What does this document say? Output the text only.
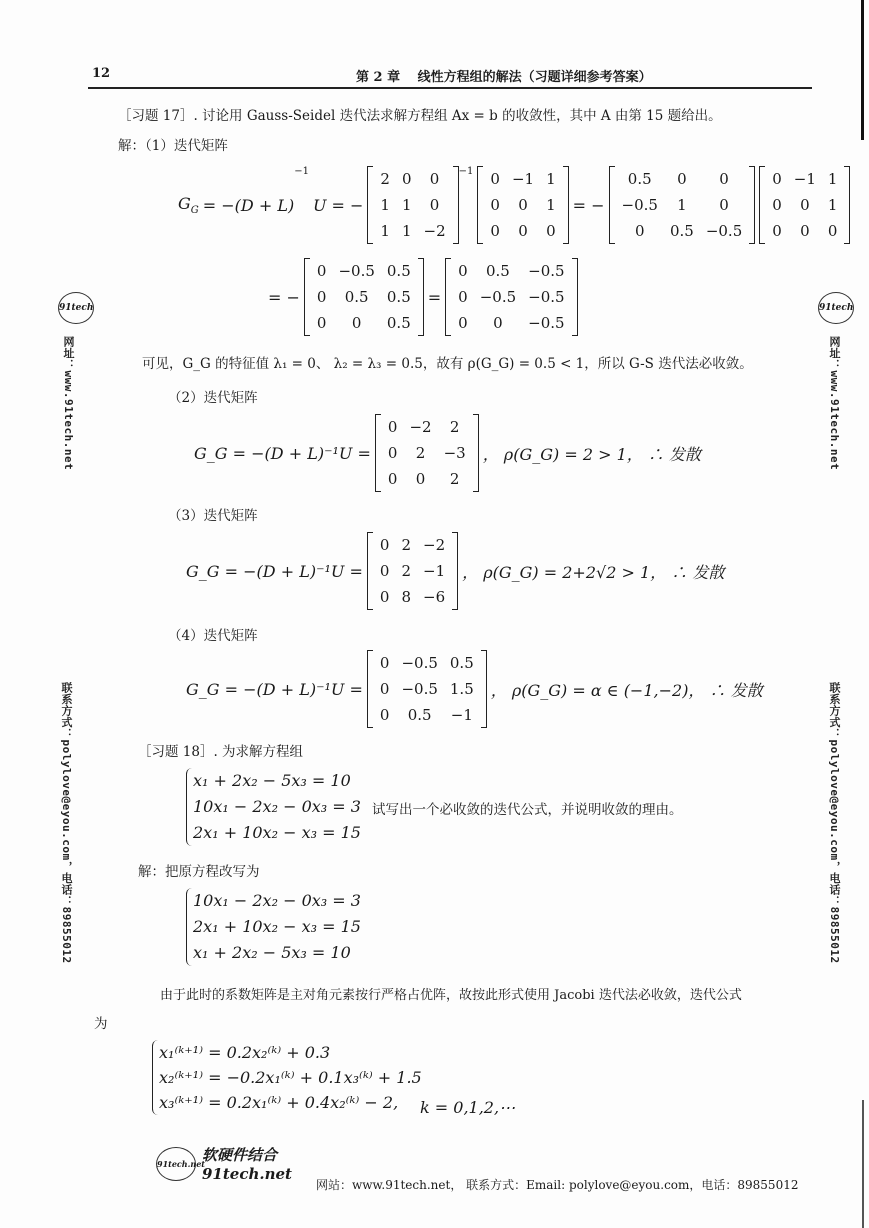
12	第 2 章　 线性方程组的解法（习题详细参考答案）
［习题 17］. 讨论用 Gauss-Seidel 迭代法求解方程组 Ax = b 的收敛性，其中 A 由第 15 题给出。
解：（1）迭代矩阵
$G_G = -(D + L)$
−1
U = −
2 0	0
1 1	0
1 1 −2
$^{-1}$	0 −1 1
0	0	1
0	0	0
= −
0.5	0	0
−0.5	1	0
0	0.5 −0.5
0 −1 1
0	0	1
0	0	0
= −
0 −0.5 0.5
0	0.5	0.5
0	0	0.5
=
0	0.5	−0.5
0 −0.5 −0.5
0	0	−0.5
可见，G_G 的特征值 λ₁ = 0、 λ₂ = λ₃ = 0.5，故有 ρ(G_G) = 0.5 < 1，所以 G-S 迭代法必收敛。
（2）迭代矩阵
G_G = −(D + L)⁻¹U =
0 −2	2
0	2	−3
0	0	2
， ρ(G_G) = 2 > 1， ∴ 发散
（3）迭代矩阵
G_G = −(D + L)⁻¹U =
0 2 −2
0 2 −1
0 8 −6
， ρ(G_G) = 2+2√2 > 1， ∴ 发散
（4）迭代矩阵
G_G = −(D + L)⁻¹U =
0 −0.5 0.5
0 −0.5 1.5
0	0.5	−1
， ρ(G_G) = α ∈ (−1,−2)， ∴ 发散
［习题 18］. 为求解方程组
x₁ + 2x₂ − 5x₃ = 10
10x₁ − 2x₂ − 0x₃ = 3
2x₁ + 10x₂ − x₃ = 15
试写出一个必收敛的迭代公式，并说明收敛的理由。
解：把原方程改写为
10x₁ − 2x₂ − 0x₃ = 3
2x₁ + 10x₂ − x₃ = 15
x₁ + 2x₂ − 5x₃ = 10
由于此时的系数矩阵是主对角元素按行严格占优阵，故按此形式使用 Jacobi 迭代法必收敛，迭代公式
为
x₁⁽ᵏ⁺¹⁾ = 0.2x₂⁽ᵏ⁾ + 0.3
x₂⁽ᵏ⁺¹⁾ = −0.2x₁⁽ᵏ⁾ + 0.1x₃⁽ᵏ⁾ + 1.5
x₃⁽ᵏ⁺¹⁾ = 0.2x₁⁽ᵏ⁾ + 0.4x₂⁽ᵏ⁾ − 2,	k = 0,1,2,⋯
91tech
网址：www.91tech.net
联系方式：polylove@eyou.com，电话：89855012
91tech
网址：www.91tech.net
联系方式：polylove@eyou.com，电话：89855012
91tech.net
软硬件结合
91tech.net
网站：www.91tech.net， 联系方式：Email: polylove@eyou.com，电话：89855012
